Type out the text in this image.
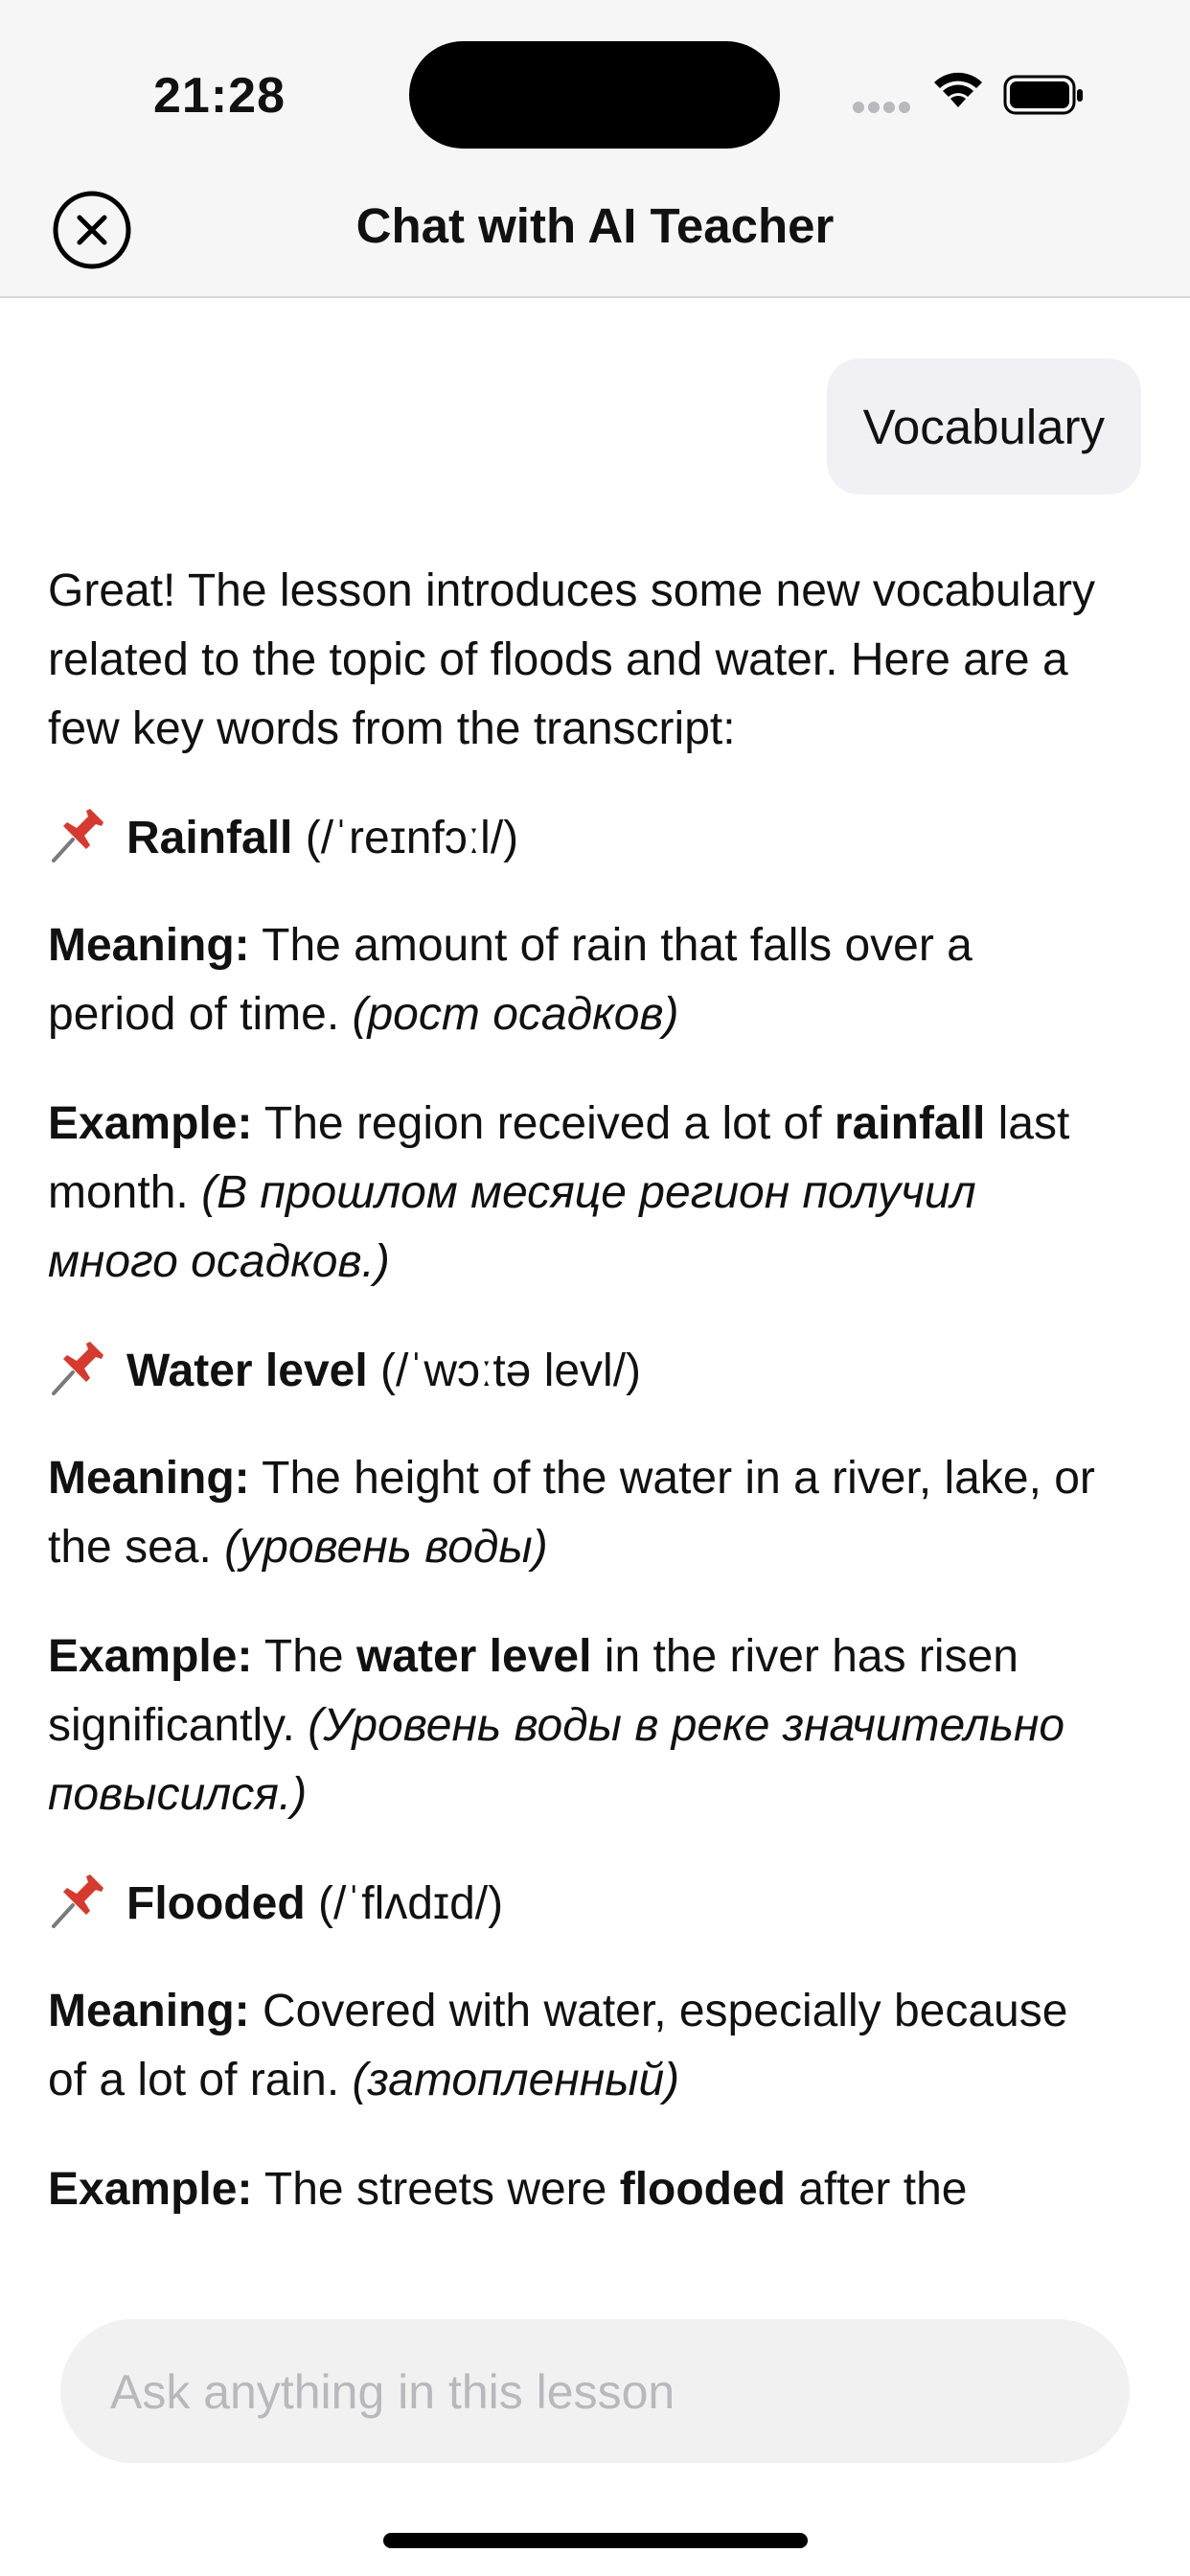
21:28
Chat with AI Teacher
Vocabulary

Great! The lesson introduces some new vocabulary related to the topic of floods and water. Here are a few key words from the transcript:

Rainfall (/ˈreɪnfɔːl/)

Meaning: The amount of rain that falls over a period of time. (рост осадков)

Example: The region received a lot of rainfall last month. (В прошлом месяце регион получил много осадков.)

Water level (/ˈwɔːtə levl/)

Meaning: The height of the water in a river, lake, or the sea. (уровень воды)

Example: The water level in the river has risen significantly. (Уровень воды в реке значительно повысился.)

Flooded (/ˈflʌdɪd/)

Meaning: Covered with water, especially because of a lot of rain. (затопленный)

Example: The streets were flooded after the

Ask anything in this lesson
